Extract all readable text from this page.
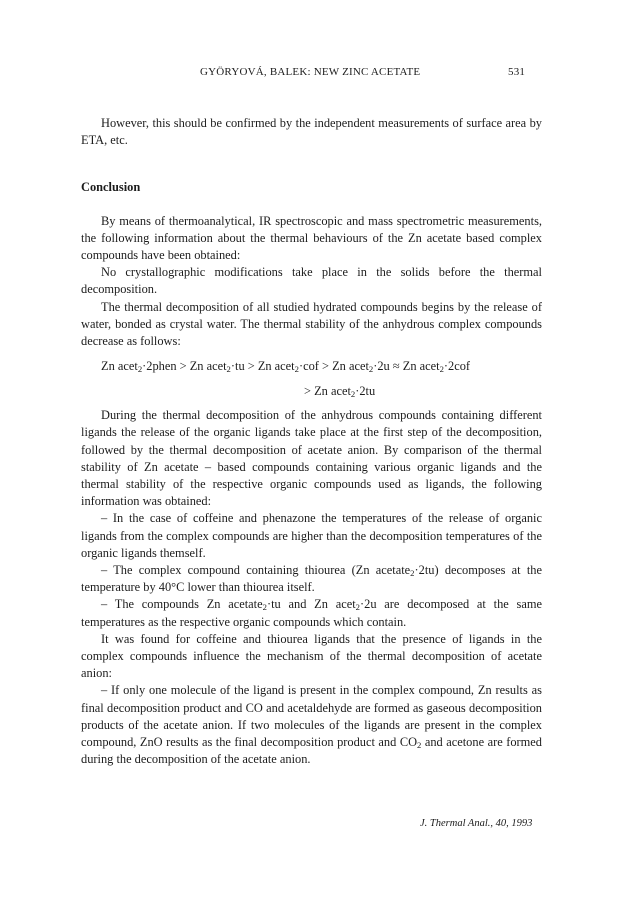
GYÖRYOVÁ, BALEK: NEW ZINC ACETATE	531

However, this should be confirmed by the independent measurements of surface area by ETA, etc.

Conclusion

By means of thermoanalytical, IR spectroscopic and mass spectrometric measurements, the following information about the thermal behaviours of the Zn acetate based complex compounds have been obtained:

No crystallographic modifications take place in the solids before the thermal decomposition.

The thermal decomposition of all studied hydrated compounds begins by the release of water, bonded as crystal water. The thermal stability of the anhydrous complex compounds decrease as follows:

Zn acet$_2$·2phen > Zn acet$_2$·tu > Zn acet$_2$·cof > Zn acet$_2$·2u ≈ Zn acet$_2$·2cof
> Zn acet$_2$·2tu

During the thermal decomposition of the anhydrous compounds containing different ligands the release of the organic ligands take place at the first step of the decomposition, followed by the thermal decomposition of acetate anion. By comparison of the thermal stability of Zn acetate – based compounds containing various organic ligands and the thermal stability of the respective organic compounds used as ligands, the following information was obtained:

– In the case of coffeine and phenazone the temperatures of the release of organic ligands from the complex compounds are higher than the decomposition temperatures of the organic ligands themself.

– The complex compound containing thiourea (Zn acetate$_2$·2tu) decomposes at the temperature by 40°C lower than thiourea itself.

– The compounds Zn acetate$_2$·tu and Zn acet$_2$·2u are decomposed at the same temperatures as the respective organic compounds which contain.

It was found for coffeine and thiourea ligands that the presence of ligands in the complex compounds influence the mechanism of the thermal decomposition of acetate anion:

– If only one molecule of the ligand is present in the complex compound, Zn results as final decomposition product and CO and acetaldehyde are formed as gaseous decomposition products of the acetate anion. If two molecules of the ligands are present in the complex compound, ZnO results as the final decomposition product and $CO_2$ and acetone are formed during the decomposition of the acetate anion.

J. Thermal Anal., 40, 1993
